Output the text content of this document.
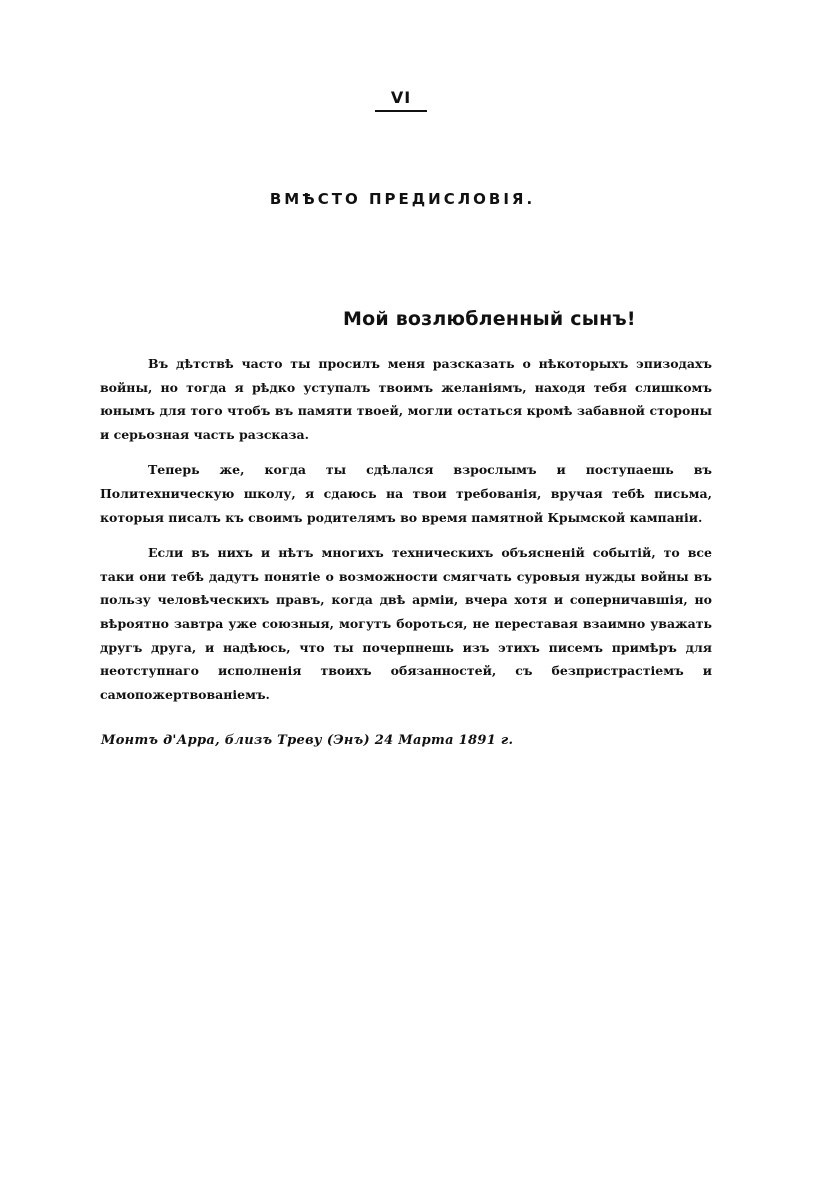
VI
ВМѢСТО ПРЕДИСЛОВІЯ.
Мой возлюбленный сынъ!

Въ дѣтствѣ часто ты просилъ меня разсказать о нѣкоторыхъ эпизодахъ войны, но тогда я рѣдко уступалъ твоимъ желаніямъ, находя тебя слишкомъ юнымъ для того чтобъ въ памяти твоей, могли остаться кромѣ забавной стороны и серьозная часть разсказа.

Теперь же, когда ты сдѣлался взрослымъ и поступаешь въ Политехническую школу, я сдаюсь на твои требованія, вручая тебѣ письма, которыя писалъ къ своимъ родителямъ во время памятной Крымской кампаніи.

Если въ нихъ и нѣтъ многихъ техническихъ объясненій событій, то все таки они тебѣ дадутъ понятіе о возможности смягчать суровыя нужды войны въ пользу человѣческихъ правъ, когда двѣ арміи, вчера хотя и соперничавшія, но вѣроятно завтра уже союзныя, могутъ бороться, не переставая взаимно уважать другъ друга, и надѣюсь, что ты почерпнешь изъ этихъ писемъ примѣръ для неотступнаго исполненія твоихъ обязанностей, съ безпристрастіемъ и самопожертвованіемъ.

Монтъ д'Арра, близъ Треву (Энъ) 24 Марта 1891 г.
